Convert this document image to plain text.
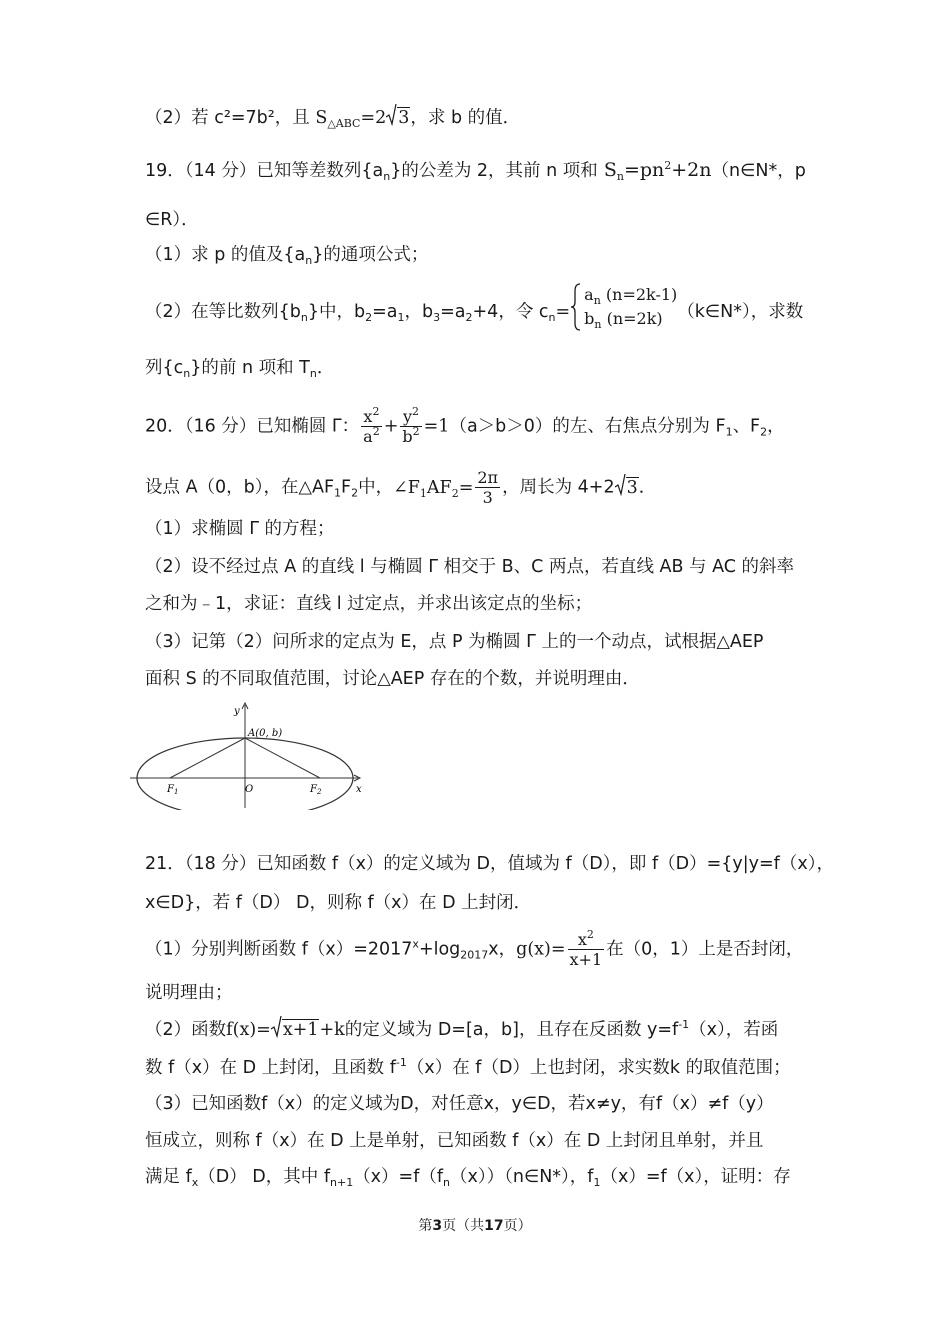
（2）若 c²=7b²，且 $S_{\triangle ABC}=2$ 3，求 b 的值．
19．（14 分）已知等差数列$\{a_n\}$的公差为 2，其前 n 项和 $S_n=pn^2+2n(n\in N*$，p
∈R）．
（1）求 p 的值及$\{a_n\}$的通项公式；
（2）在等比数列$\{b_n\}$中，$b_2=a_1$，$b_3=a_2+4$，令 $c_n=$
$a_n$ (n=2k-1)
$b_n$ (n=2k) （k∈N*），求数
列$\{c_n\}$的前 n 项和 $T_n$．
20．（16 分）已知椭圆 Γ： $\frac{x^2}{a^2} + \frac{y^2}{b^2} =1(a>b>0)$的左、右焦点分别为 $F_1$、$F_2$，
设点 A（0，b），在$\triangle AF_1F_2$中，$\angle F_1AF_2= \frac{2\pi}{3}$ ，周长为 4+2 3．
（1）求椭圆 Γ 的方程；
（2）设不经过点 A 的直线 l 与椭圆 Γ 相交于 B、C 两点，若直线 AB 与 AC 的斜率
之和为﹣1，求证：直线 l 过定点，并求出该定点的坐标；
（3）记第（2）问所求的定点为 E，点 P 为椭圆 Γ 上的一个动点，试根据△AEP
面积 S 的不同取值范围，讨论△AEP 存在的个数，并说明理由．
y
x
A(0, b)
O
$F_1$	$F_2$
21．（18 分）已知函数 f（x）的定义域为 D，值域为 f（D），即 f（D）={y|y=f（x），
x∈D}，若 f（D） D，则称 f（x）在 D 上封闭．
（1）分别判断函数 $f(x)=2017^x+\log_{2017}x$，$g(x)= \frac{x^2}{x+1}$ 在（0，1）上是否封闭，
说明理由；
（2）函数f(x)= x+1+k的定义域为 D=[a，b]，且存在反函数 $y=f^{-1}(x)$，若函
数 f（x）在 D 上封闭，且函数 $f^{-1}(x)$在 f（D）上也封闭，求实数k 的取值范围；
（3）已知函数f（x）的定义域为D，对任意x，y∈D，若x≠y，有f（x）≠f（y）
恒成立，则称 f（x）在 D 上是单射，已知函数 f（x）在 D 上封闭且单射，并且
满足 $f_x(D)$ D，其中 $f_{n+1}(x)=f(f_n(x))(n\in N*)$，$f_1(x)=f(x)$，证明：存
第3页（共17页）
